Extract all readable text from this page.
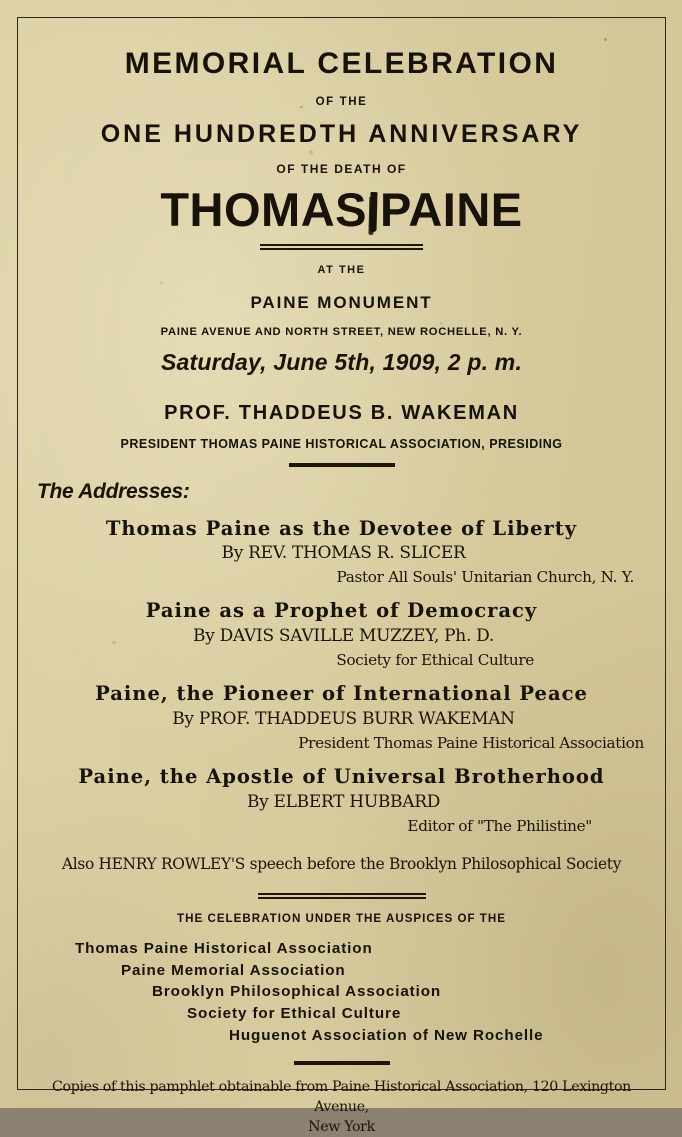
MEMORIAL CELEBRATION
OF THE
ONE HUNDREDTH ANNIVERSARY
OF THE DEATH OF
THOMAS PAINE
AT THE
PAINE MONUMENT
PAINE AVENUE AND NORTH STREET, NEW ROCHELLE, N. Y.
Saturday, June 5th, 1909, 2 p. m.
PROF. THADDEUS B. WAKEMAN
PRESIDENT THOMAS PAINE HISTORICAL ASSOCIATION, PRESIDING
The Addresses:
Thomas Paine as the Devotee of Liberty
By REV. THOMAS R. SLICER
Pastor All Souls' Unitarian Church, N. Y.
Paine as a Prophet of Democracy
By DAVIS SAVILLE MUZZEY, Ph. D.
Society for Ethical Culture
Paine, the Pioneer of International Peace
By PROF. THADDEUS BURR WAKEMAN
President Thomas Paine Historical Association
Paine, the Apostle of Universal Brotherhood
By ELBERT HUBBARD
Editor of "The Philistine"
Also HENRY ROWLEY'S speech before the Brooklyn Philosophical Society
THE CELEBRATION UNDER THE AUSPICES OF THE
Thomas Paine Historical Association
Paine Memorial Association
Brooklyn Philosophical Association
Society for Ethical Culture
Huguenot Association of New Rochelle
Copies of this pamphlet obtainable from Paine Historical Association, 120 Lexington Avenue,
New York
